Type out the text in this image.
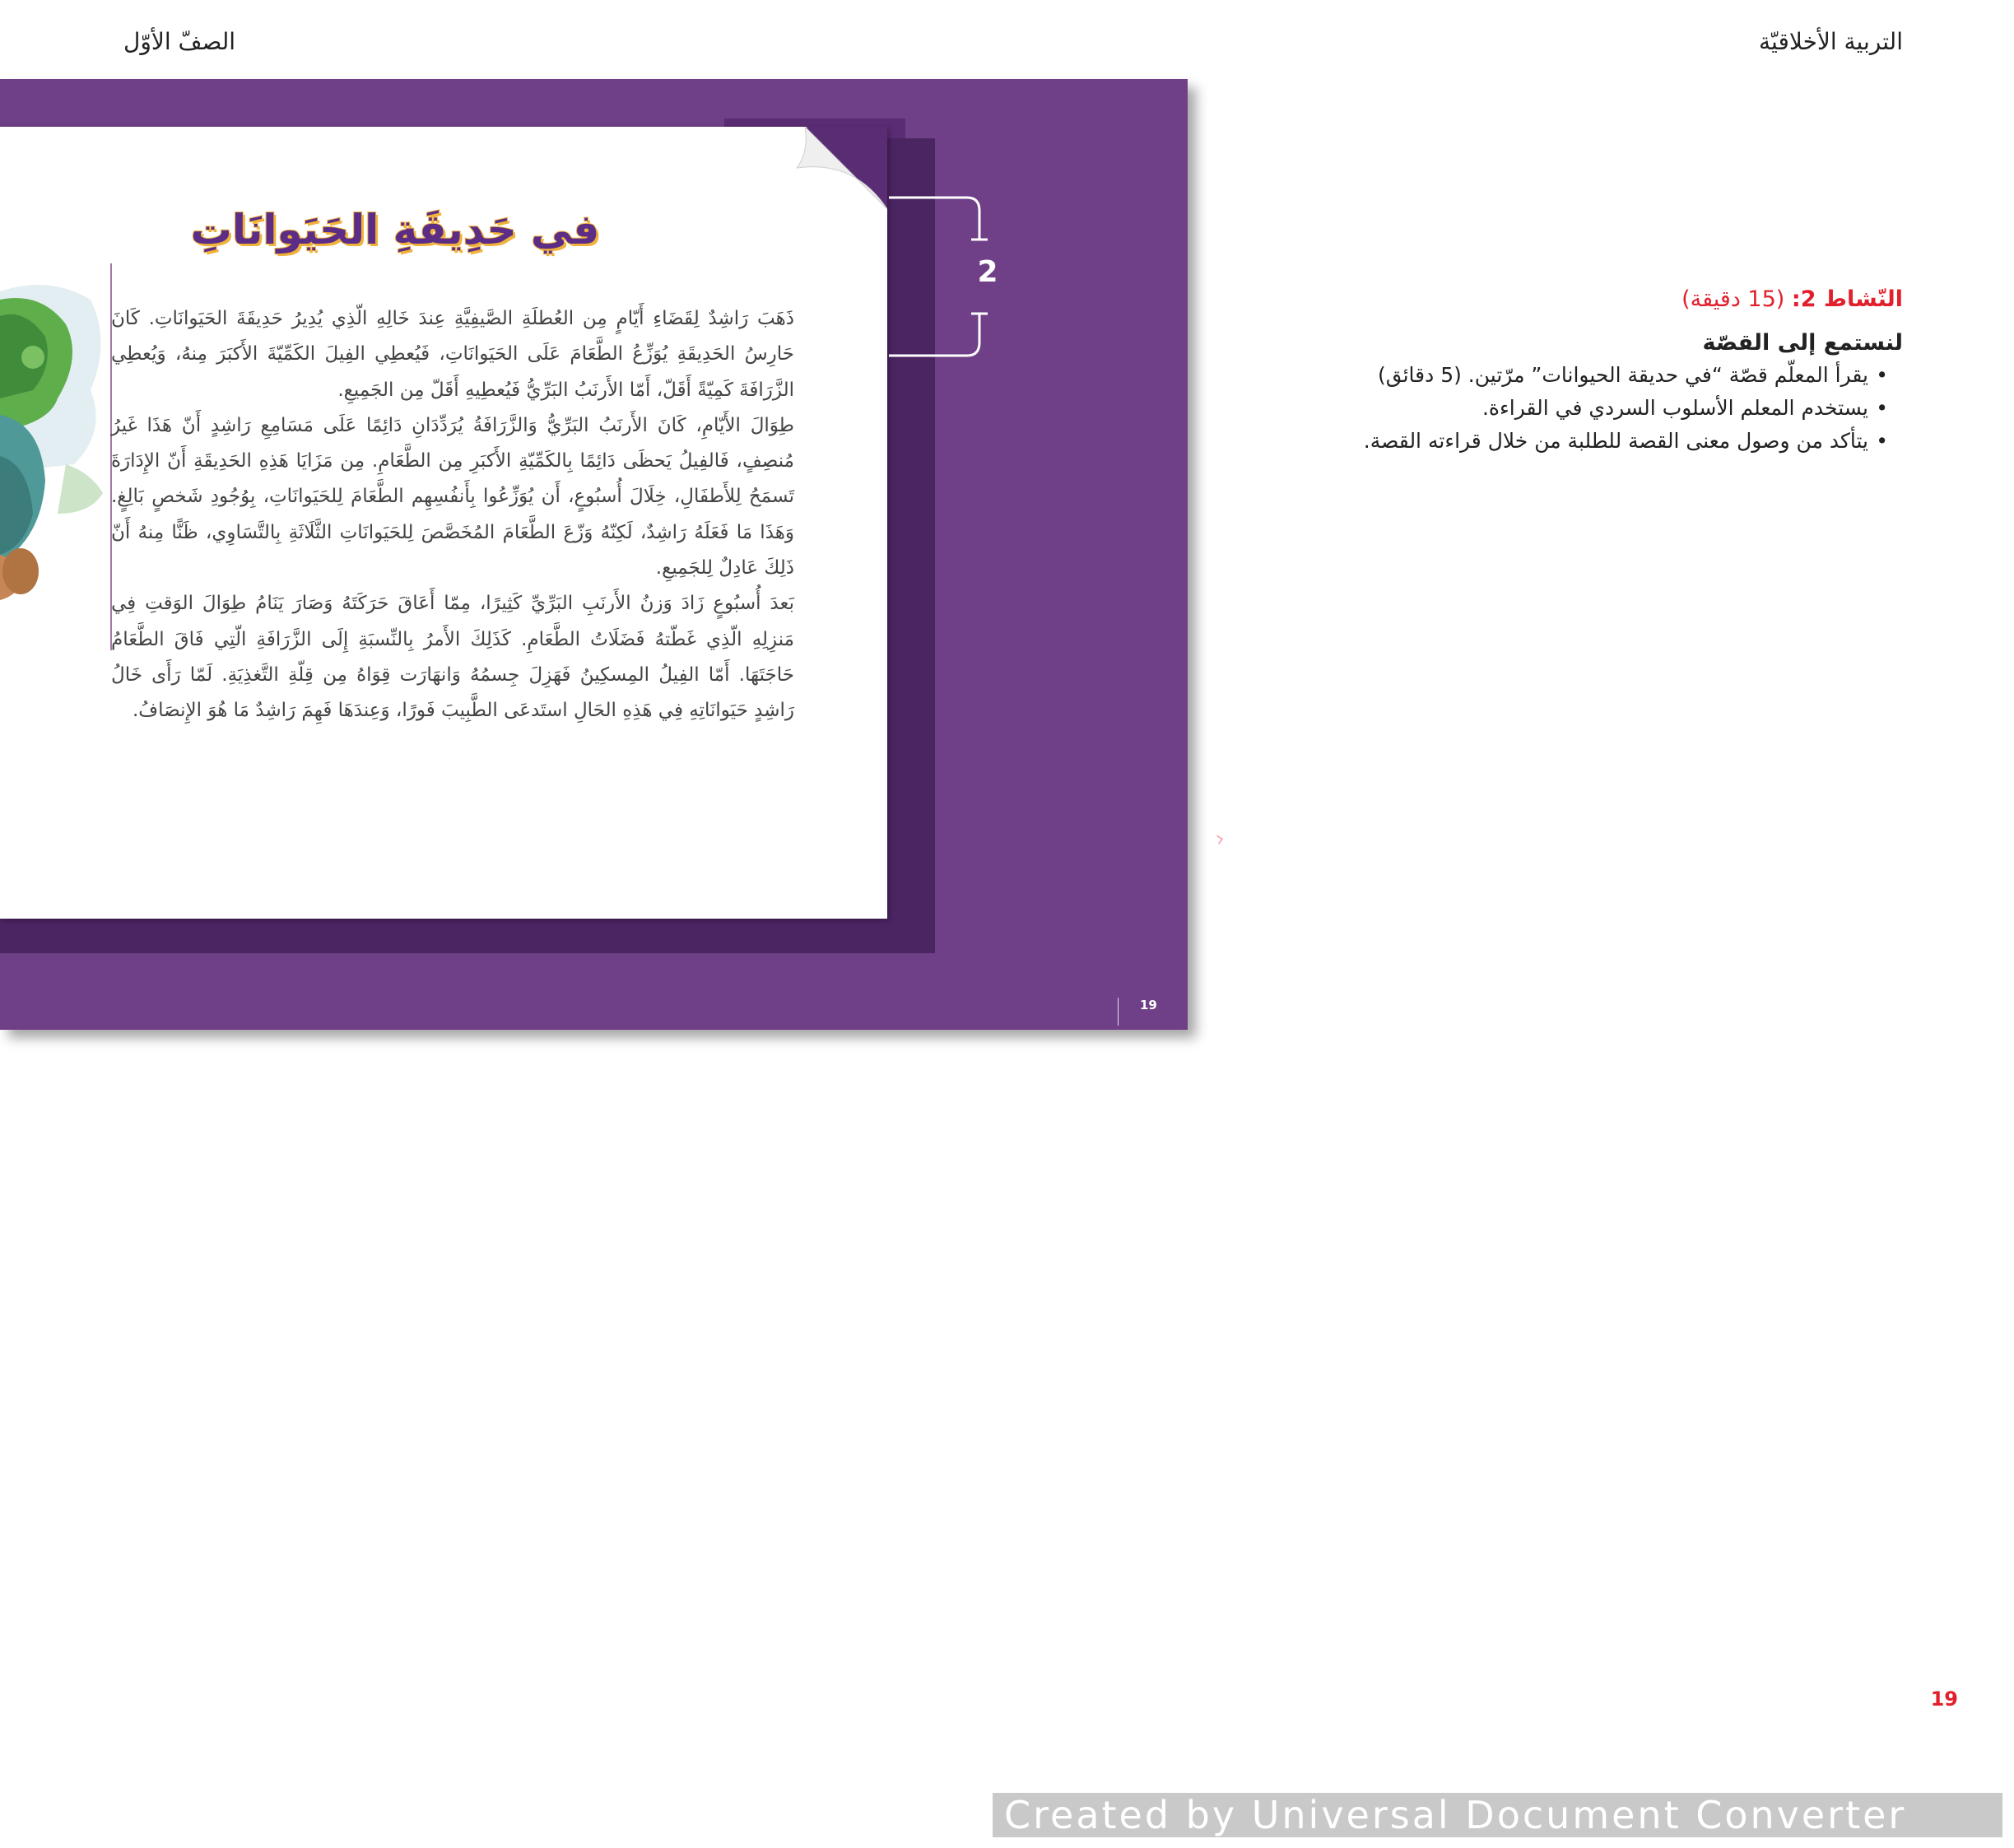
التربية الأخلاقيّة
الصفّ الأوّل
في حَدِيقَةِ الحَيَوانَاتِ

ذَهَبَ رَاشِدٌ لِقَضَاءِ أَيّامٍ مِن العُطلَةِ الصَّيفِيَّةِ عِندَ خَالِهِ الّذِي يُدِيرُ حَدِيقَةَ الحَيَوانَاتِ. كَانَ حَارِسُ الحَدِيقَةِ يُوَزِّعُ الطَّعَامَ عَلَى الحَيَوانَاتِ، فَيُعطِي الفِيلَ الكَمِّيّةَ الأَكبَرَ مِنهُ، وَيُعطِي الزَّرَافَةَ كَمِيّةً أَقَلّ، أَمّا الأَرنَبُ البَرِّيُّ فَيُعطِيهِ أَقَلّ مِن الجَمِيعِ.

طِوَالَ الأَيّامِ، كَانَ الأَرنَبُ البَرِّيُّ وَالزَّرَافَةُ يُرَدِّدَانِ دَائِمًا عَلَى مَسَامِعِ رَاشِدٍ أَنّ هَذَا غَيرُ مُنصِفٍ، فَالفِيلُ يَحظَى دَائِمًا بِالكَمِّيّةِ الأَكبَرِ مِن الطَّعَامِ. مِن مَزَايَا هَذِهِ الحَدِيقَةِ أَنّ الإِدَارَةَ تَسمَحُ لِلأَطفَالِ، خِلَالَ أُسبُوعٍ، أَن يُوَزِّعُوا بِأَنفُسِهِم الطَّعَامَ لِلحَيَوانَاتِ، بِوُجُودِ شَخصٍ بَالِغٍ. وَهَذَا مَا فَعَلَهُ رَاشِدٌ، لَكِنّهُ وَزّعَ الطَّعَامَ المُخَصَّصَ لِلحَيَوانَاتِ الثَّلَاثَةِ بِالتَّسَاوِي، ظَنًّا مِنهُ أَنّ ذَلِكَ عَادِلٌ لِلجَمِيعِ.

بَعدَ أُسبُوعٍ زَادَ وَزنُ الأَرنَبِ البَرِّيِّ كَثِيرًا، مِمّا أَعَاقَ حَرَكَتَهُ وَصَارَ يَنَامُ طِوَالَ الوَقتِ فِي مَنزِلِهِ الّذِي غَطّتهُ فَضَلَاتُ الطَّعَامِ. كَذَلِكَ الأَمرُ بِالنِّسبَةِ إِلَى الزَّرَافَةِ الّتِي فَاقَ الطَّعَامُ حَاجَتَهَا. أَمّا الفِيلُ المِسكِينُ فَهَزِلَ جِسمُهُ وَانهَارَت قِوَاهُ مِن قِلّةِ التَّغذِيَةِ. لَمّا رَأَى خَالُ رَاشِدٍ حَيَوانَاتِهِ فِي هَذِهِ الحَالِ استَدعَى الطَّبِيبَ فَورًا، وَعِندَهَا فَهِمَ رَاشِدٌ مَا هُوَ الإِنصَافُ.

2
19
›
النّشاط 2: (15 دقيقة)
لنستمع إلى القصّة
•
يقرأ المعلّم قصّة “في حديقة الحيوانات” مرّتين. (5 دقائق)
•
يستخدم المعلم الأسلوب السردي في القراءة.
•
يتأكد من وصول معنى القصة للطلبة من خلال قراءته القصة.
19
Created by Universal Document Converter
